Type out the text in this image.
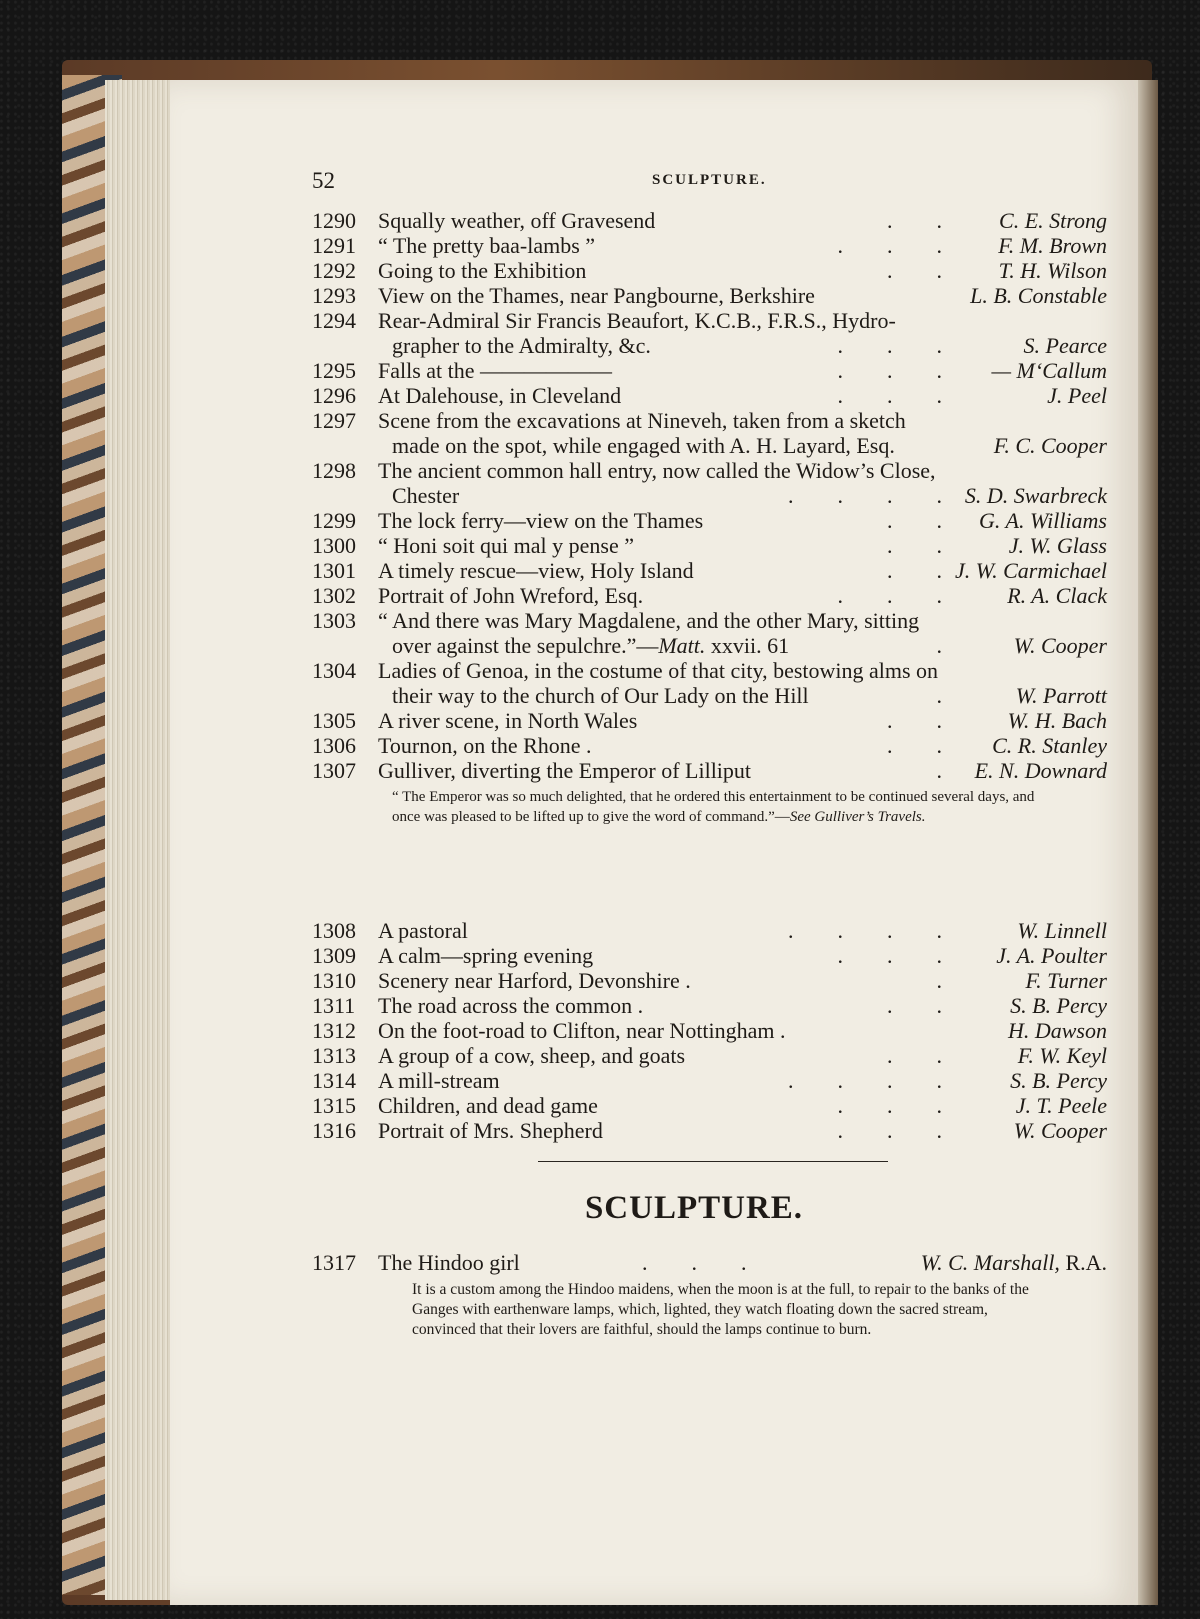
52	SCULPTURE.
1290 Squally weather, off Gravesend	.        .	C. E. Strong
1291 “ The pretty baa-lambs ”	.        .        .	F. M. Brown
1292 Going to the Exhibition	.        .	T. H. Wilson
1293 View on the Thames, near Pangbourne, Berkshire	L. B. Constable
1294 Rear-Admiral Sir Francis Beaufort, K.C.B., F.R.S., Hydro-
grapher to the Admiralty, &c.	.        .        .	S. Pearce
1295 Falls at the ——————	.        .        . — M‘Callum
1296 At Dalehouse, in Cleveland	.        .        .	J. Peel
1297 Scene from the excavations at Nineveh, taken from a sketch
made on the spot, while engaged with A. H. Layard, Esq.	F. C. Cooper
1298 The ancient common hall entry, now called the Widow’s Close,
Chester	.        .        .        . S. D. Swarbreck
1299 The lock ferry—view on the Thames	.        . G. A. Williams
1300 “ Honi soit qui mal y pense ”	.        .	J. W. Glass
1301 A timely rescue—view, Holy Island	.        . J. W. Carmichael
1302 Portrait of John Wreford, Esq.	.        .        .	R. A. Clack
1303 “ And there was Mary Magdalene, and the other Mary, sitting
over against the sepulchre.”—Matt. xxvii. 61	.	W. Cooper
1304 Ladies of Genoa, in the costume of that city, bestowing alms on
their way to the church of Our Lady on the Hill	.	W. Parrott
1305 A river scene, in North Wales	.        .	W. H. Bach
1306 Tournon, on the Rhone .	.        . C. R. Stanley
1307 Gulliver, diverting the Emperor of Lilliput	. E. N. Downard
“ The Emperor was so much delighted, that he ordered this entertainment to be continued several days, and once was pleased to be lifted up to give the word of command.”—See Gulliver’s Travels.
1308 A pastoral	.        .        .        .	W. Linnell
1309 A calm—spring evening	.        .        . J. A. Poulter
1310 Scenery near Harford, Devonshire .	.	F. Turner
1311 The road across the common .	.        .	S. B. Percy
1312 On the foot-road to Clifton, near Nottingham .	H. Dawson
1313 A group of a cow, sheep, and goats	.        .	F. W. Keyl
1314 A mill-stream	.        .        .        .	S. B. Percy
1315 Children, and dead game	.        .        .	J. T. Peele
1316 Portrait of Mrs. Shepherd	.        .        .	W. Cooper
SCULPTURE.
1317 The Hindoo girl	.        .        .	W. C. Marshall, R.A.
It is a custom among the Hindoo maidens, when the moon is at the full, to repair to the banks of the Ganges with earthenware lamps, which, lighted, they watch floating down the sacred stream, convinced that their lovers are faithful, should the lamps continue to burn.
